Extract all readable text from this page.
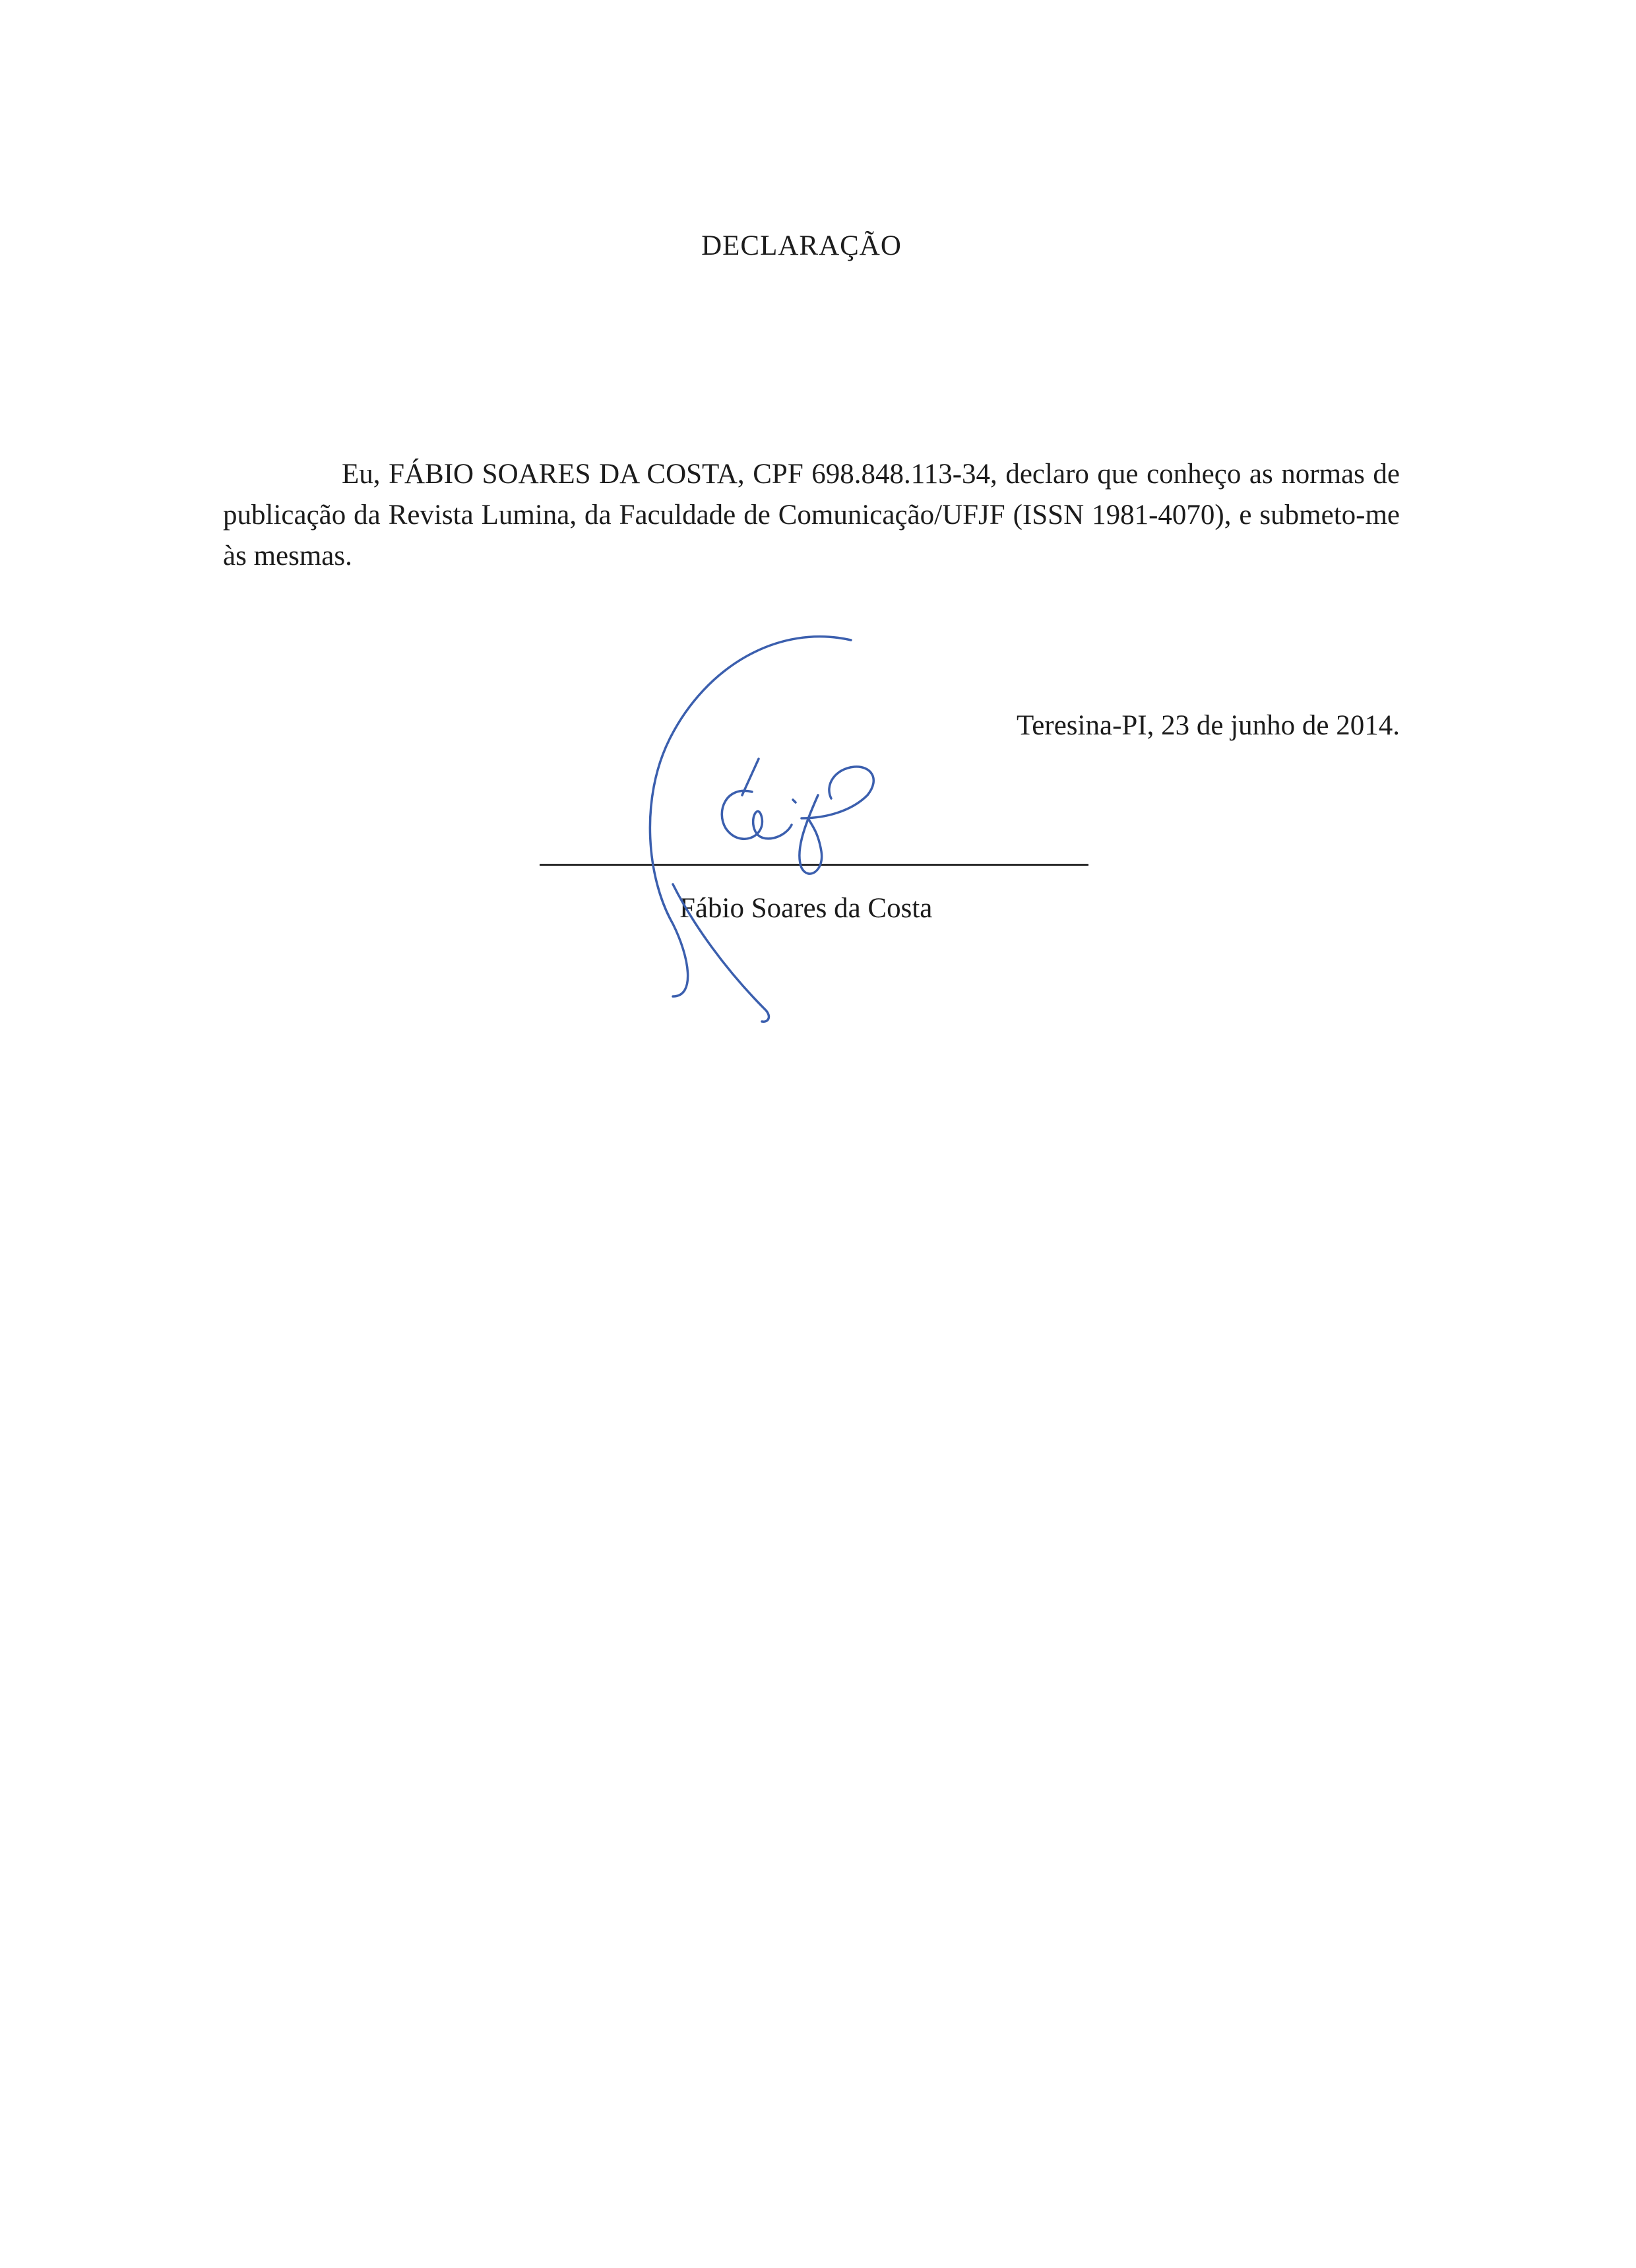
DECLARAÇÃO

Eu, FÁBIO SOARES DA COSTA, CPF 698.848.113-34, declaro que conheço as normas de publicação da Revista Lumina, da Faculdade de Comunicação/UFJF (ISSN 1981-4070), e submeto-me às mesmas.

Teresina-PI, 23 de junho de 2014.
Fábio Soares da Costa
